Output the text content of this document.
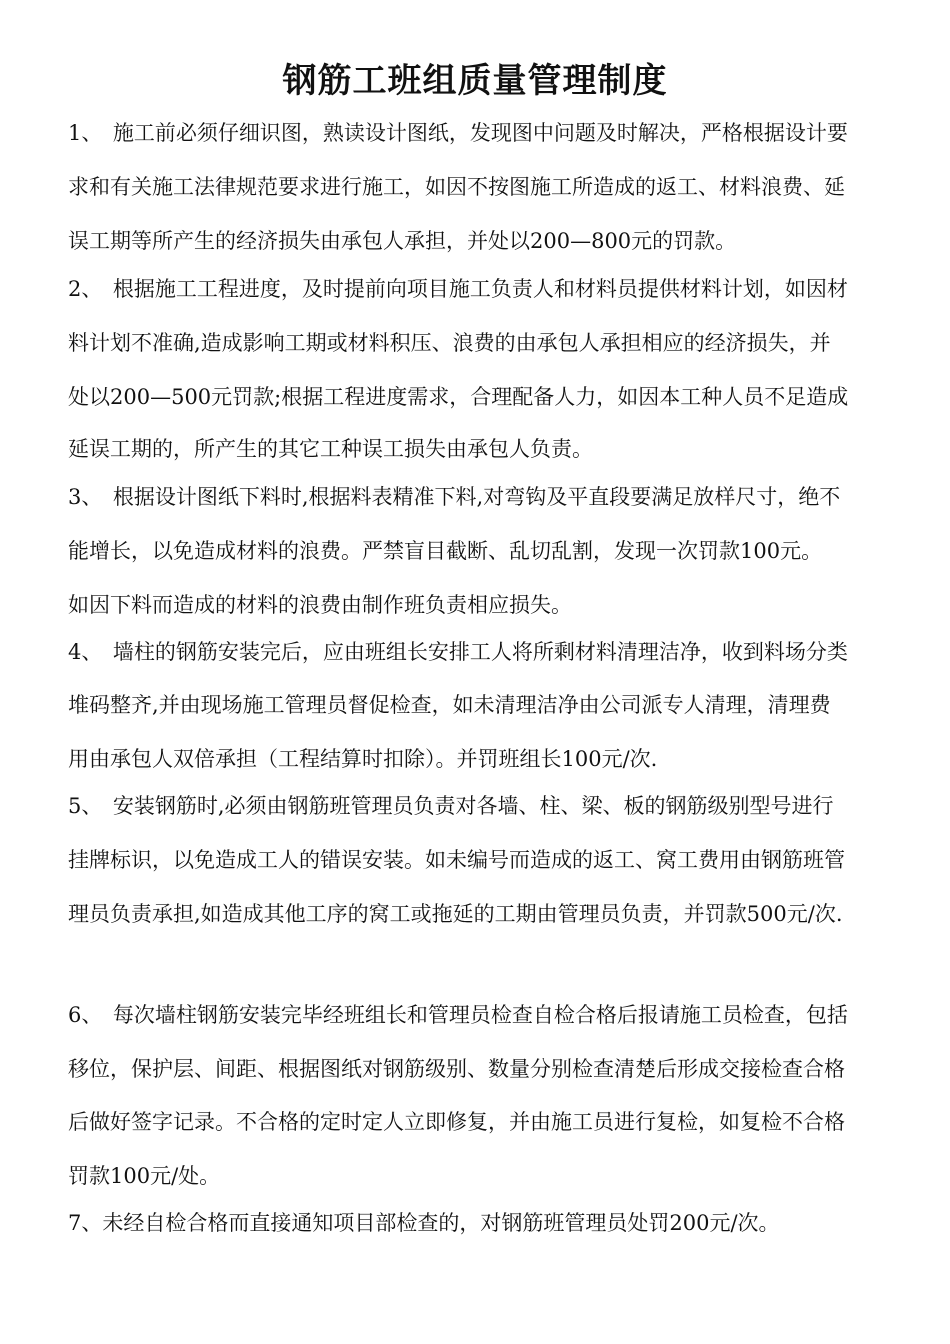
钢筋工班组质量管理制度
1、　施工前必须仔细识图，熟读设计图纸，发现图中问题及时解决，严格根据设计要
求和有关施工法律规范要求进行施工，如因不按图施工所造成的返工、材料浪费、延
误工期等所产生的经济损失由承包人承担，并处以200—800元的罚款。
2、　根据施工工程进度，及时提前向项目施工负责人和材料员提供材料计划，如因材
料计划不准确,造成影响工期或材料积压、浪费的由承包人承担相应的经济损失，并
处以200—500元罚款;根据工程进度需求，合理配备人力，如因本工种人员不足造成
延误工期的，所产生的其它工种误工损失由承包人负责。
3、　根据设计图纸下料时,根据料表精准下料,对弯钩及平直段要满足放样尺寸，绝不
能增长，以免造成材料的浪费。严禁盲目截断、乱切乱割，发现一次罚款100元。
如因下料而造成的材料的浪费由制作班负责相应损失。
4、　墙柱的钢筋安装完后，应由班组长安排工人将所剩材料清理洁净，收到料场分类
堆码整齐,并由现场施工管理员督促检查，如未清理洁净由公司派专人清理，清理费
用由承包人双倍承担（工程结算时扣除）。并罚班组长100元/次.
5、　安装钢筋时,必须由钢筋班管理员负责对各墙、柱、梁、板的钢筋级别型号进行
挂牌标识，以免造成工人的错误安装。如未编号而造成的返工、窝工费用由钢筋班管
理员负责承担,如造成其他工序的窝工或拖延的工期由管理员负责，并罚款500元/次.
6、　每次墙柱钢筋安装完毕经班组长和管理员检查自检合格后报请施工员检查，包括
移位，保护层、间距、根据图纸对钢筋级别、数量分别检查清楚后形成交接检查合格
后做好签字记录。不合格的定时定人立即修复，并由施工员进行复检，如复检不合格
罚款100元/处。
7、未经自检合格而直接通知项目部检查的，对钢筋班管理员处罚200元/次。
